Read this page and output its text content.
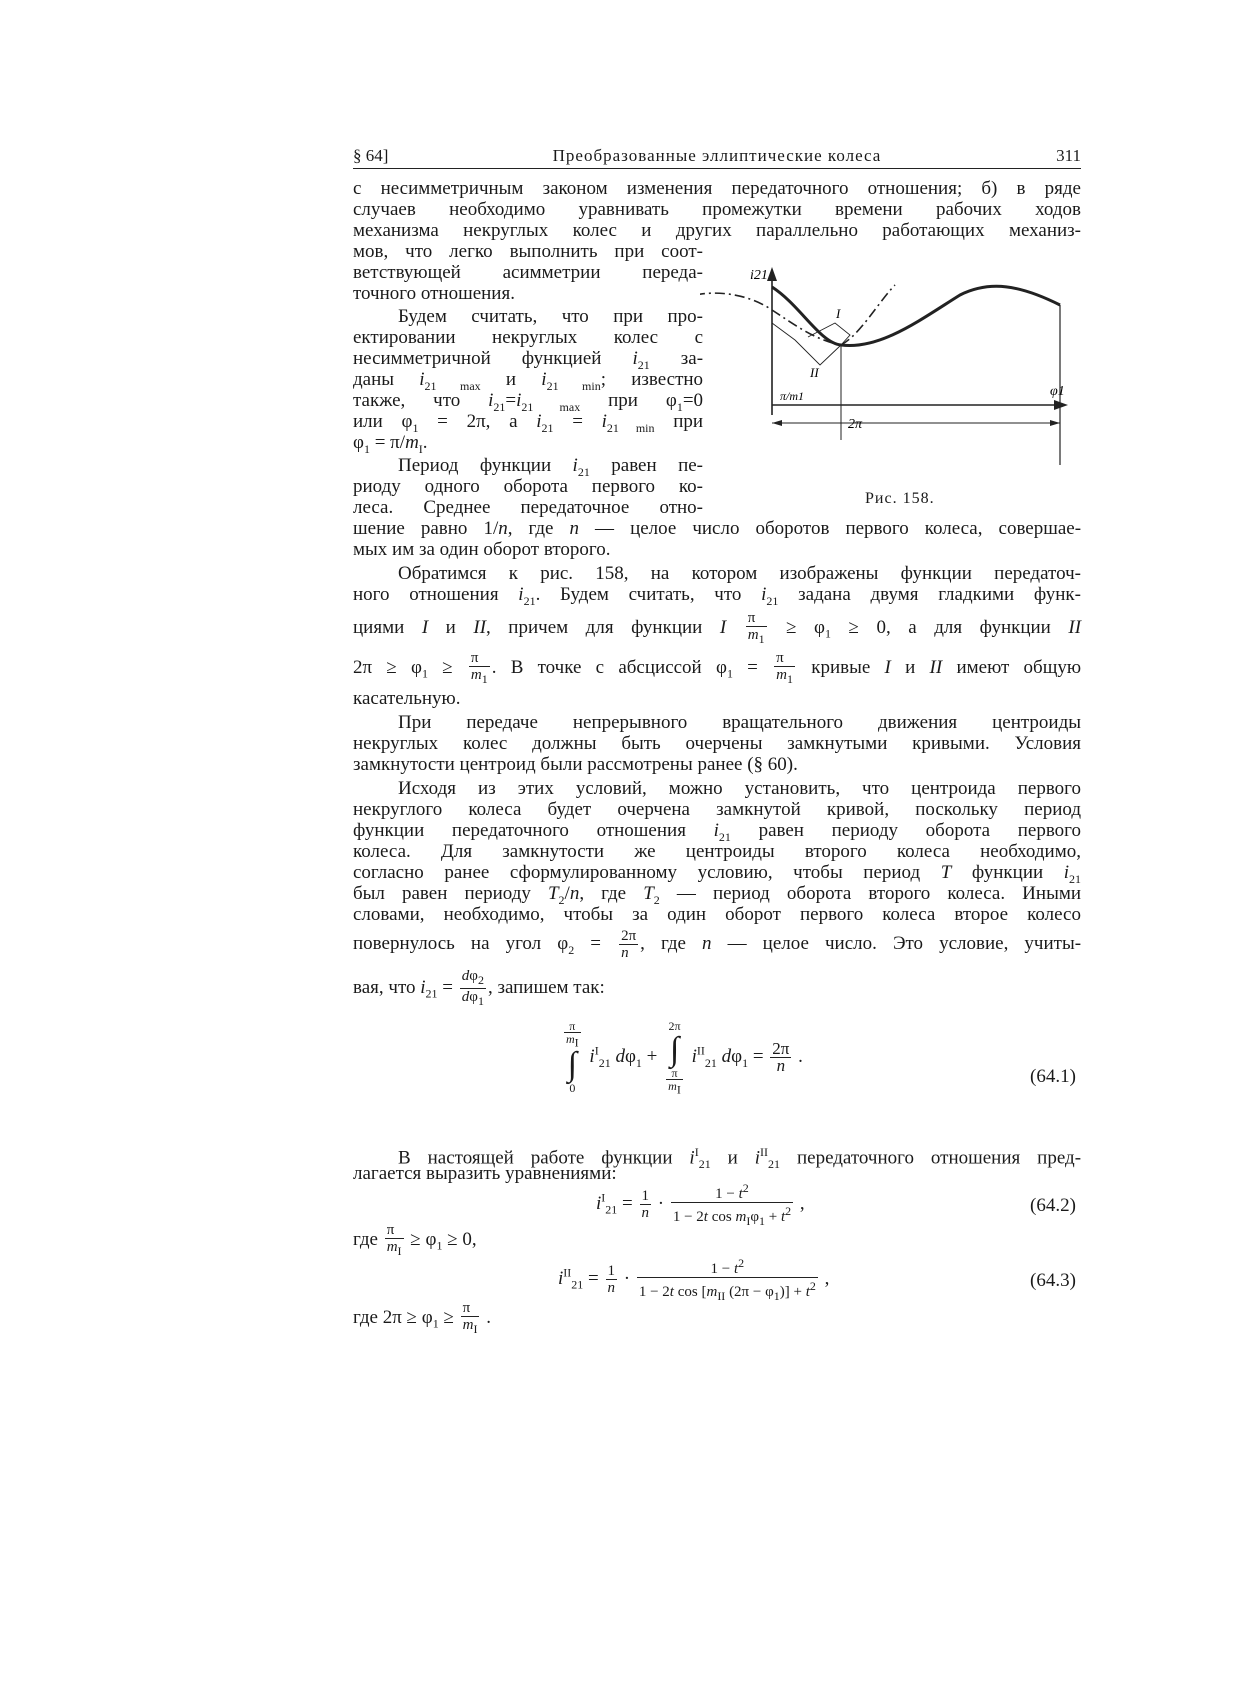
§ 64]	Преобразованные эллиптические колеса	311
с несимметричным законом изменения передаточного отношения; б) в ряде
случаев необходимо уравнивать промежутки времени рабочих ходов
механизма некруглых колес и других параллельно работающих механиз-
мов, что легко выполнить при соот-
ветствующей асимметрии переда-
точного отношения.
Будем считать, что при про-
ектировании некруглых колес с
несимметричной функцией $i_{21}$ за-
даны $i_{21 max}$ и $i_{21 min}$; известно
также, что $i_{21}=i_{21 max}$ при $\varphi_1=0$
или $\varphi_1 = 2\pi$, а $i_{21} = i_{21 min}$ при
$\varphi_1 = \pi/m_I$.
Период функции $i_{21}$ равен пе-
риоду одного оборота первого ко-
леса. Среднее передаточное отно-
шение равно 1/n, где n — целое число оборотов первого колеса, совершае-
мых им за один оборот второго.
i21
φ1
I
II
π/m1
2π
Рис. 158.
Обратимся к рис. 158, на котором изображены функции передаточ-
ного отношения $i_{21}$. Будем считать, что $i_{21}$ задана двумя гладкими функ-
циями I и II, причем для функции I $\frac{\pi}{m_1} \ge \varphi_1 \ge 0$, a для функции II
$2\pi \ge \varphi_1 \ge \frac{\pi}{m_1}$ . В точке с абсциссой $\varphi_1 = \frac{\pi}{m_1}$ кривые I и II имеют общую
касательную.
При передаче непрерывного вращательного движения центроиды
некруглых колес должны быть очерчены замкнутыми кривыми. Условия
замкнутости центроид были рассмотрены ранее (§ 60).
Исходя из этих условий, можно установить, что центроида первого
некруглого колеса будет очерчена замкнутой кривой, поскольку период
функции передаточного отношения $i_{21}$ равен периоду оборота первого
колеса. Для замкнутости же центроиды второго колеса необходимо,
согласно ранее сформулированному условию, чтобы период T функции $i_{21}$
был равен периоду $T_2/n$, где $T_2$ — период оборота второго колеса. Иными
словами, необходимо, чтобы за один оборот первого колеса второе колесо
повернулось на угол $\varphi_2 = \frac{2\pi}{n}$ , где n — целое число. Это условие, учиты-
вая, что $i_{21} = \frac{d\varphi_2}{d\varphi_1}$ , запишем так:
$\frac{\pi}{m_I}$
∫
0 $i^I_{21}$ $d\varphi_1 + 2\pi$
∫
$\frac{\pi}{m_I}$
$i^{II}_{21}$ $d\varphi_1 = \frac{2\pi}{n}$ .
(64.1)
В настоящей работе функции $i^I_{21}$ и $i^{II}_{21}$ передаточного отношения пред-
лагается выразить уравнениями:
$i^I_{21} = \frac{1}{n} \cdot \frac{1 - t^2}{1 - 2t \cos m_I\varphi_1 + t^2}$ ,	(64.2)
где $\frac{\pi}{m_I} \ge \varphi_1 \ge 0$,
$i^{II}_{21} = \frac{1}{n} \cdot \frac{1 - t^2}{1 - 2t \cos [m_{II} (2\pi - \varphi_1)] + t^2}$ ,	(64.3)
где $2\pi \ge \varphi_1 \ge \frac{\pi}{m_I}$ .
